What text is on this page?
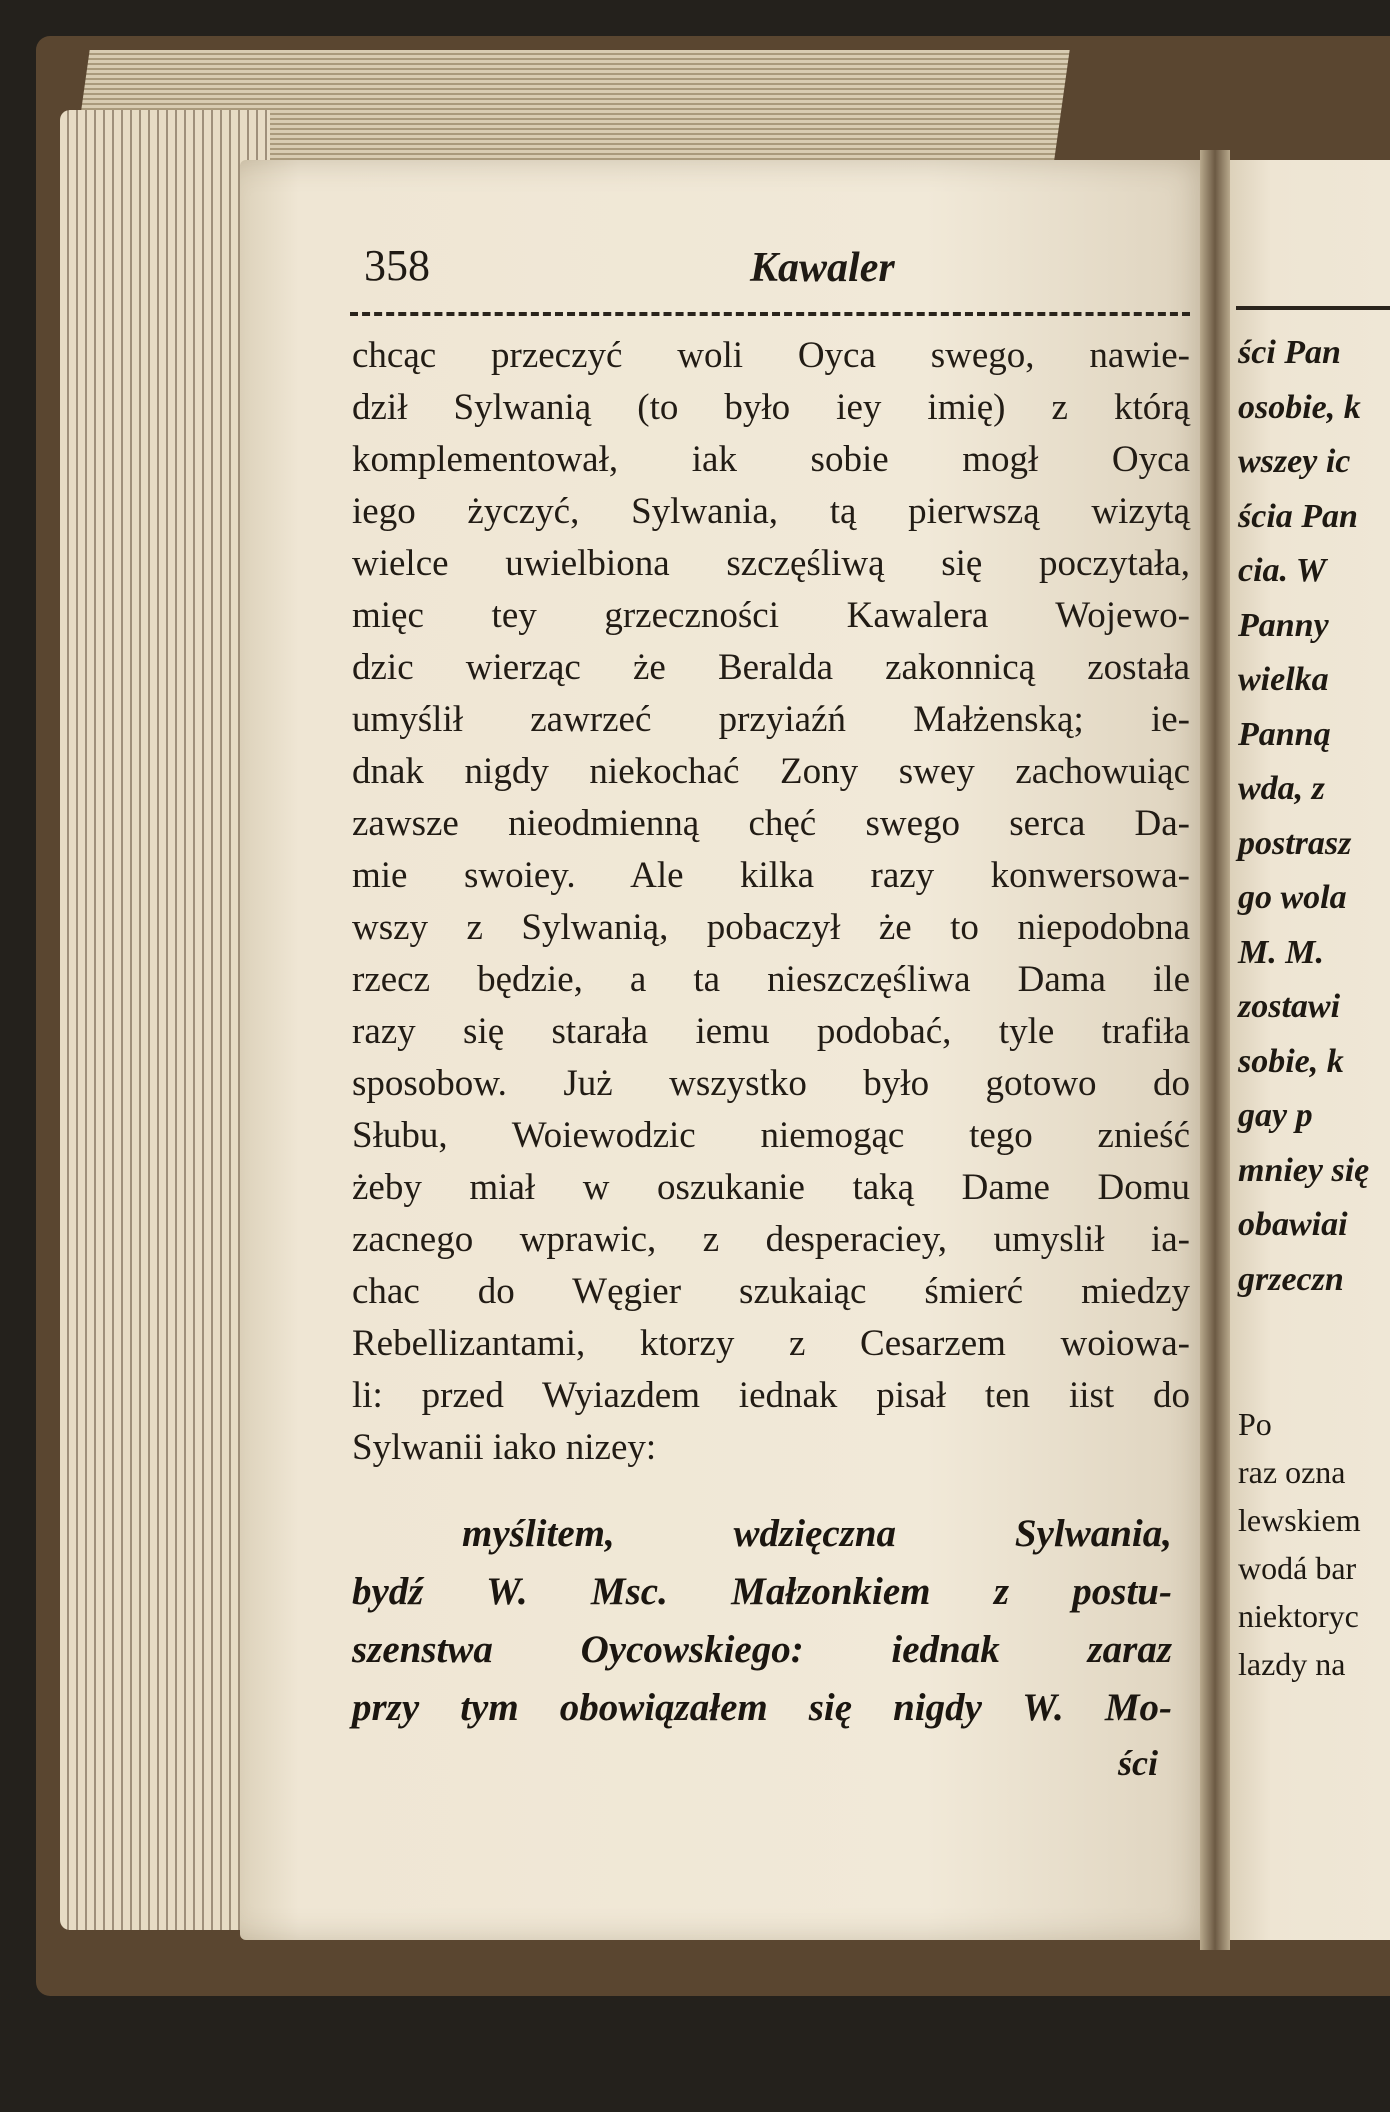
358	Kawaler
chcąc przeczyć woli Oyca swego, nawie-
dził Sylwanią (to było iey imię) z którą
komplementował, iak sobie mogł Oyca
iego życzyć, Sylwania, tą pierwszą wizytą
wielce uwielbiona szczęśliwą się poczytała,
mięc tey grzeczności Kawalera Wojewo-
dzic wierząc że Beralda zakonnicą została
umyślił zawrzeć przyiaźń Małżenską; ie-
dnak nigdy niekochać Zony swey zachowuiąc
zawsze nieodmienną chęć swego serca Da-
mie swoiey. Ale kilka razy konwersowa-
wszy z Sylwanią, pobaczył że to niepodobna
rzecz będzie, a ta nieszczęśliwa Dama ile
razy się starała iemu podobać, tyle trafiła
sposobow. Już wszystko było gotowo do
Słubu, Woiewodzic niemogąc tego znieść
żeby miał w oszukanie taką Dame Domu
zacnego wprawic, z desperaciey, umyslił ia-
chac do Węgier szukaiąc śmierć miedzy
Rebellizantami, ktorzy z Cesarzem woiowa-
li: przed Wyiazdem iednak pisał ten iist do
Sylwanii iako nizey:
myślitem, wdzięczna Sylwania,
bydź W. Msc. Małzonkiem z postu-
szenstwa Oycowskiego: iednak zaraz
przy tym obowiązałem się nigdy W. Mo-
ści
ści Pan
osobie, k
wszey ic
ścia Pan
cia. W
Panny
wielka
Panną
wda, z
postrasz
go wola
M. M.
zostawi
sobie, k
gay p
mniey się
obawiai
grzeczn
Po
raz ozna
lewskiem
wodá bar
niektoryc
lazdy na
